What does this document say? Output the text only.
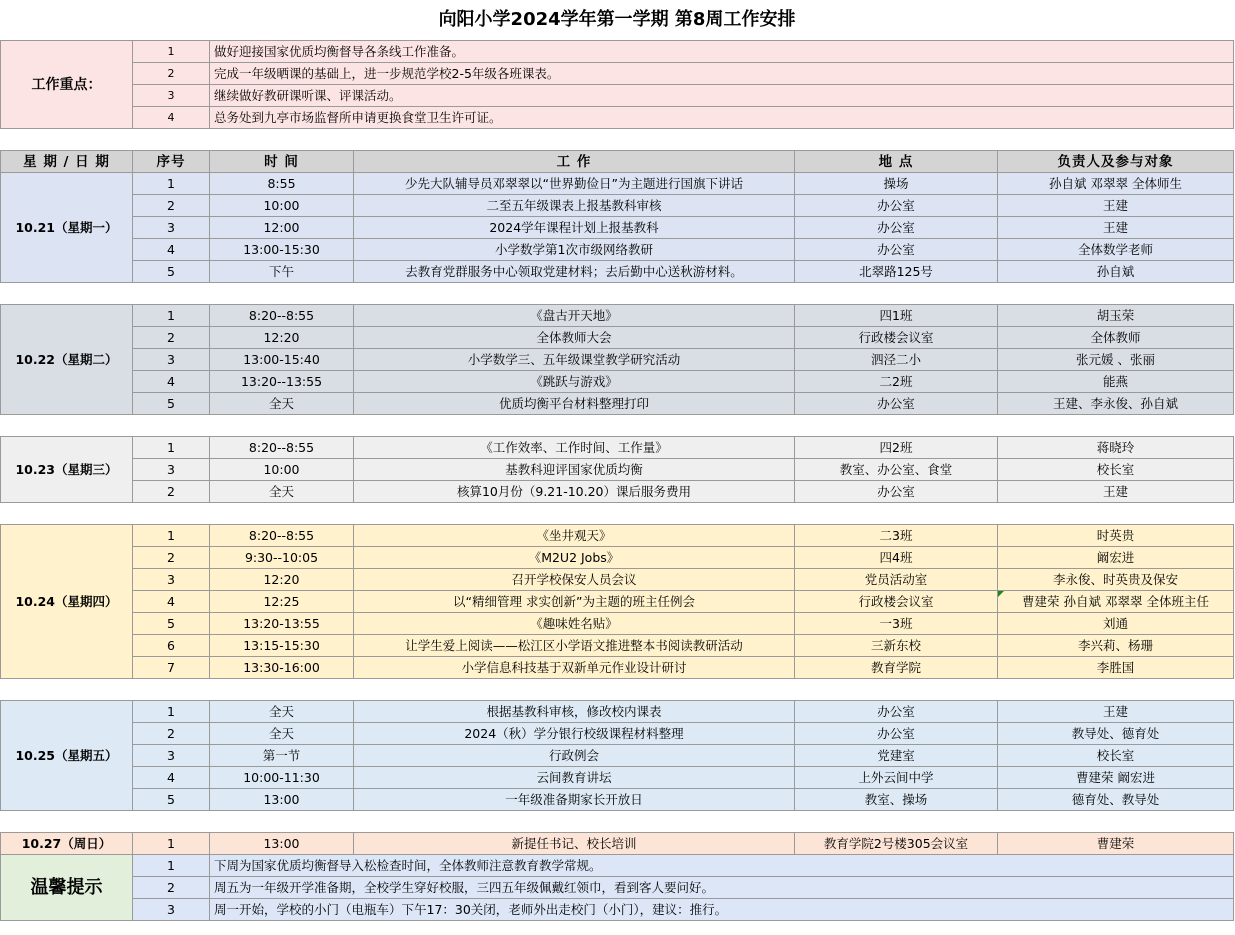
向阳小学2024学年第一学期 第8周工作安排					
工作重点：	1	做好迎接国家优质均衡督导各条线工作准备。			
	2	完成一年级晒课的基础上，进一步规范学校2-5年级各班课表。			
	3	继续做好教研课听课、评课活动。			
	4	总务处到九亭市场监督所申请更换食堂卫生许可证。			

星 期 / 日 期	序号	时 间	工 作	地 点	负责人及参与对象
10.21（星期一）	1	8:55	少先大队辅导员邓翠翠以“世界勤俭日”为主题进行国旗下讲话	操场	孙自斌 邓翠翠 全体师生
	2	10:00	二至五年级课表上报基教科审核	办公室	王建
	3	12:00	2024学年课程计划上报基教科	办公室	王建
	4	13:00-15:30	小学数学第1次市级网络教研	办公室	全体数学老师
	5	下午	去教育党群服务中心领取党建材料；去后勤中心送秋游材料。	北翠路125号	孙自斌

10.22（星期二）	1	8:20--8:55	《盘古开天地》	四1班	胡玉荣
	2	12:20	全体教师大会	行政楼会议室	全体教师
	3	13:00-15:40	小学数学三、五年级课堂教学研究活动	泗泾二小	张元媛 、张丽
	4	13:20--13:55	《跳跃与游戏》	二2班	能燕
	5	全天	优质均衡平台材料整理打印	办公室	王建、李永俊、孙自斌

10.23（星期三）	1	8:20--8:55	《工作效率、工作时间、工作量》	四2班	蒋晓玲
	3	10:00	基教科迎评国家优质均衡	教室、办公室、食堂	校长室
	2	全天	核算10月份（9.21-10.20）课后服务费用	办公室	王建

10.24（星期四）	1	8:20--8:55	《坐井观天》	二3班	时英贵
	2	9:30--10:05	《M2U2 Jobs》	四4班	阚宏进
	3	12:20	召开学校保安人员会议	党员活动室	李永俊、时英贵及保安
	4	12:25	以“精细管理 求实创新”为主题的班主任例会	行政楼会议室	曹建荣 孙自斌 邓翠翠 全体班主任
	5	13:20-13:55	《趣味姓名贴》	一3班	刘通
	6	13:15-15:30	让学生爱上阅读——松江区小学语文推进整本书阅读教研活动	三新东校	李兴莉、杨珊
	7	13:30-16:00	小学信息科技基于双新单元作业设计研讨	教育学院	李胜国

10.25（星期五）	1	全天	根据基教科审核，修改校内课表	办公室	王建
	2	全天	2024（秋）学分银行校级课程材料整理	办公室	教导处、德育处
	3	第一节	行政例会	党建室	校长室
	4	10:00-11:30	云间教育讲坛	上外云间中学	曹建荣 阚宏进
	5	13:00	一年级准备期家长开放日	教室、操场	德育处、教导处

10.27（周日）	1	13:00	新提任书记、校长培训	教育学院2号楼305会议室	曹建荣
温馨提示	1	下周为国家优质均衡督导入松检查时间，全体教师注意教育教学常规。			
	2	周五为一年级开学准备期，全校学生穿好校服，三四五年级佩戴红领巾，看到客人要问好。			
	3	周一开始，学校的小门（电瓶车）下午17：30关闭，老师外出走校门（小门），建议：推行。			
